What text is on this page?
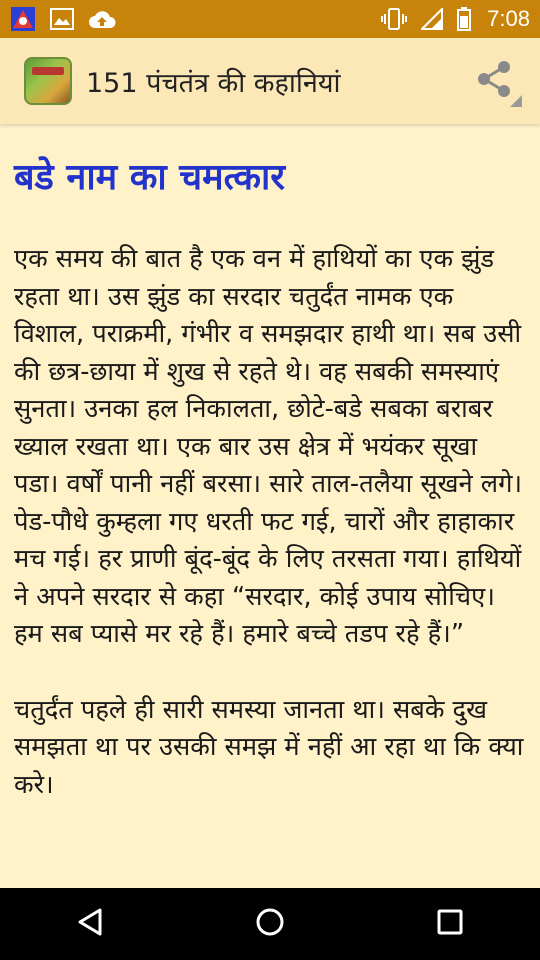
7:08
151 पंचतंत्र की कहानियां
बडे नाम का चमत्कार

एक समय की बात है एक वन में हाथियों का एक झुंड रहता था। उस झुंड का सरदार चतुर्दंत नामक एक विशाल, पराक्रमी, गंभीर व समझदार हाथी था। सब उसी की छत्र-छाया में शुख से रहते थे। वह सबकी समस्याएं सुनता। उनका हल निकालता, छोटे-बडे सबका बराबर ख्याल रखता था। एक बार उस क्षेत्र में भयंकर सूखा पडा। वर्षों पानी नहीं बरसा। सारे ताल-तलैया सूखने लगे। पेड-पौधे कुम्हला गए धरती फट गई, चारों और हाहाकार मच गई। हर प्राणी बूंद-बूंद के लिए तरसता गया। हाथियों ने अपने सरदार से कहा “सरदार, कोई उपाय सोचिए। हम सब प्यासे मर रहे हैं। हमारे बच्चे तडप रहे हैं।”

चतुर्दंत पहले ही सारी समस्या जानता था। सबके दुख समझता था पर उसकी समझ में नहीं आ रहा था कि क्या करे।
